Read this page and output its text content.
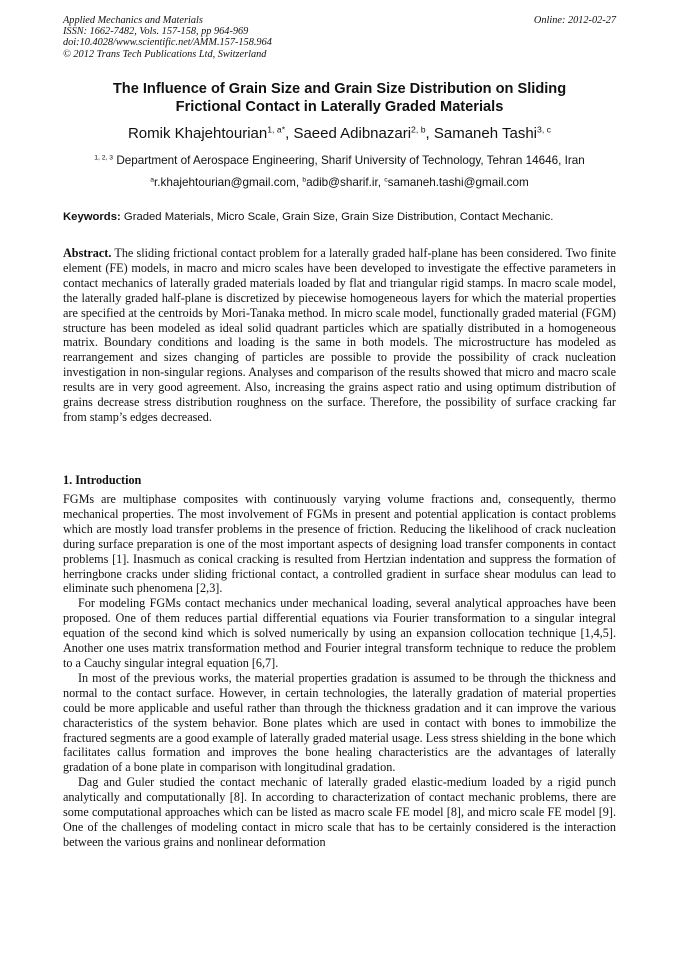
Applied Mechanics and Materials
ISSN: 1662-7482, Vols. 157-158, pp 964-969
doi:10.4028/www.scientific.net/AMM.157-158.964
© 2012 Trans Tech Publications Ltd, Switzerland
Online: 2012-02-27
The Influence of Grain Size and Grain Size Distribution on Sliding
Frictional Contact in Laterally Graded Materials
Romik Khajehtourian$^{1, a*}$, Saeed Adibnazari$^{2, b}$, Samaneh Tashi$^{3, c}$
$^{1, 2, 3}$ Department of Aerospace Engineering, Sharif University of Technology, Tehran 14646, Iran
$^a$r.khajehtourian@gmail.com, $^b$adib@sharif.ir, $^c$samaneh.tashi@gmail.com
Keywords: Graded Materials, Micro Scale, Grain Size, Grain Size Distribution, Contact Mechanic.
Abstract. The sliding frictional contact problem for a laterally graded half-plane has been considered. Two finite element (FE) models, in macro and micro scales have been developed to investigate the effective parameters in contact mechanics of laterally graded materials loaded by flat and triangular rigid stamps. In macro scale model, the laterally graded half-plane is discretized by piecewise homogeneous layers for which the material properties are specified at the centroids by Mori-Tanaka method. In micro scale model, functionally graded material (FGM) structure has been modeled as ideal solid quadrant particles which are spatially distributed in a homogeneous matrix. Boundary conditions and loading is the same in both models. The microstructure has modeled as rearrangement and sizes changing of particles are possible to provide the possibility of crack nucleation investigation in non-singular regions. Analyses and comparison of the results showed that micro and macro scale results are in very good agreement. Also, increasing the grains aspect ratio and using optimum distribution of grains decrease stress distribution roughness on the surface. Therefore, the possibility of surface cracking far from stamp’s edges decreased.
1. Introduction

FGMs are multiphase composites with continuously varying volume fractions and, consequently, thermo mechanical properties. The most involvement of FGMs in present and potential application is contact problems which are mostly load transfer problems in the presence of friction. Reducing the likelihood of crack nucleation during surface preparation is one of the most important aspects of designing load transfer components in contact problems [1]. Inasmuch as conical cracking is resulted from Hertzian indentation and suppress the formation of herringbone cracks under sliding frictional contact, a controlled gradient in surface shear modulus can lead to eliminate such phenomena [2,3].

For modeling FGMs contact mechanics under mechanical loading, several analytical approaches have been proposed. One of them reduces partial differential equations via Fourier transformation to a singular integral equation of the second kind which is solved numerically by using an expansion collocation technique [1,4,5]. Another one uses matrix transformation method and Fourier integral transform technique to reduce the problem to a Cauchy singular integral equation [6,7].

In most of the previous works, the material properties gradation is assumed to be through the thickness and normal to the contact surface. However, in certain technologies, the laterally gradation of material properties could be more applicable and useful rather than through the thickness gradation and it can improve the various characteristics of the system behavior. Bone plates which are used in contact with bones to immobilize the fractured segments are a good example of laterally graded material usage. Less stress shielding in the bone which facilitates callus formation and improves the bone healing characteristics are the advantages of laterally gradation of a bone plate in comparison with longitudinal gradation.

Dag and Guler studied the contact mechanic of laterally graded elastic-medium loaded by a rigid punch analytically and computationally [8]. In according to characterization of contact mechanic problems, there are some computational approaches which can be listed as macro scale FE model [8], and micro scale FE model [9]. One of the challenges of modeling contact in micro scale that has to be certainly considered is the interaction between the various grains and nonlinear deformation
